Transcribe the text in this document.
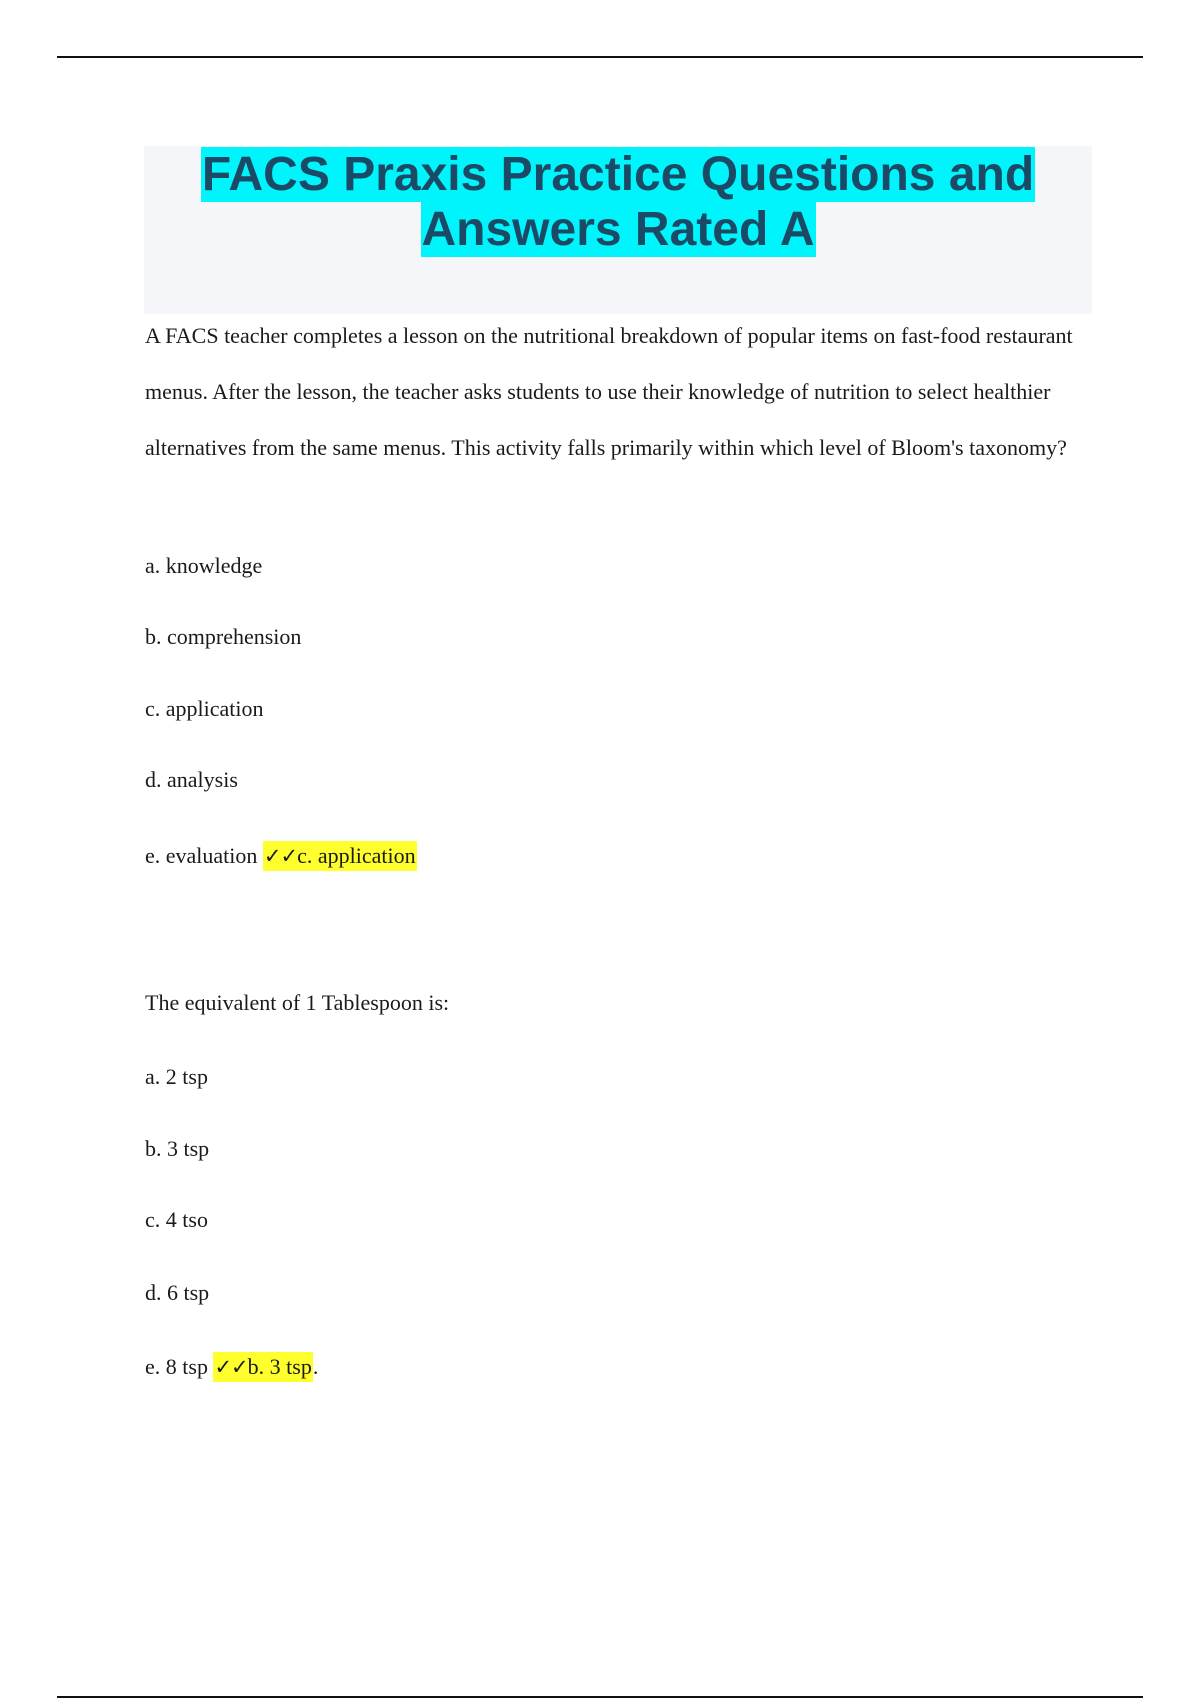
FACS Praxis Practice Questions and
Answers Rated A
A FACS teacher completes a lesson on the nutritional breakdown of popular items on fast-food restaurant menus. After the lesson, the teacher asks students to use their knowledge of nutrition to select healthier alternatives from the same menus. This activity falls primarily within which level of Bloom's taxonomy?
a. knowledge
b. comprehension
c. application
d. analysis
e. evaluation ✓✓c. application
The equivalent of 1 Tablespoon is:
a. 2 tsp
b. 3 tsp
c. 4 tso
d. 6 tsp
e. 8 tsp ✓✓b. 3 tsp.
